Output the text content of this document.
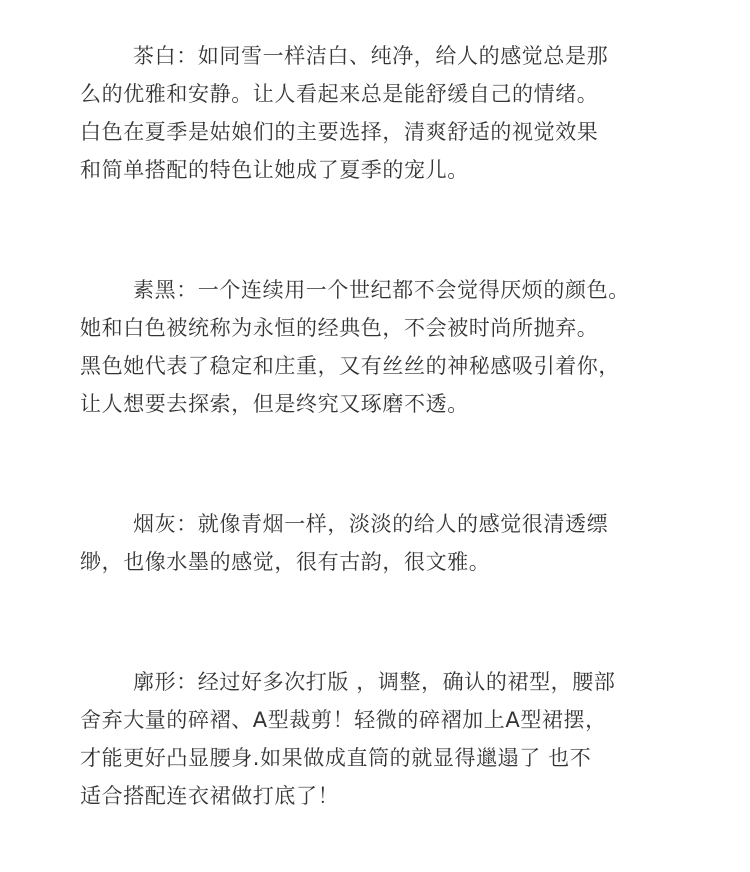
茶白：如同雪一样洁白、纯净，给人的感觉总是那
么的优雅和安静。让人看起来总是能舒缓自己的情绪。
白色在夏季是姑娘们的主要选择，清爽舒适的视觉效果
和简单搭配的特色让她成了夏季的宠儿。
素黑：一个连续用一个世纪都不会觉得厌烦的颜色。
她和白色被统称为永恒的经典色，不会被时尚所抛弃。
黑色她代表了稳定和庄重，又有丝丝的神秘感吸引着你，
让人想要去探索，但是终究又琢磨不透。
烟灰：就像青烟一样，淡淡的给人的感觉很清透缥
缈，也像水墨的感觉，很有古韵，很文雅。
廓形：经过好多次打版 ，调整，确认的裙型，腰部
舍弃大量的碎褶、A型裁剪！轻微的碎褶加上A型裙摆，
才能更好凸显腰身.如果做成直筒的就显得邋遢了 也不
适合搭配连衣裙做打底了！
